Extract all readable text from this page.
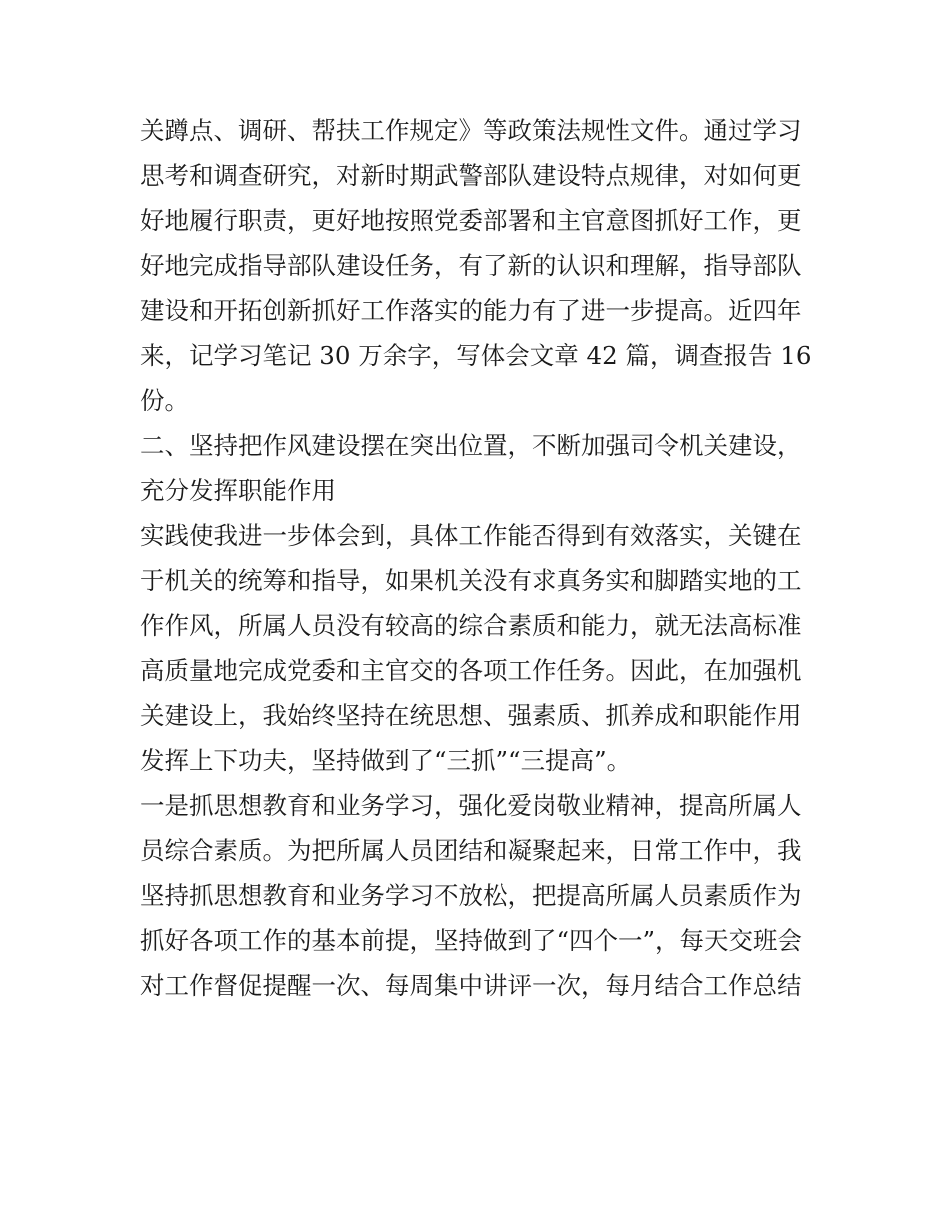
关蹲点、调研、帮扶工作规定》等政策法规性文件。通过学习
思考和调查研究，对新时期武警部队建设特点规律，对如何更
好地履行职责，更好地按照党委部署和主官意图抓好工作，更
好地完成指导部队建设任务，有了新的认识和理解，指导部队
建设和开拓创新抓好工作落实的能力有了进一步提高。近四年
来，记学习笔记 30 万余字，写体会文章 42 篇，调查报告 16
份。
二、坚持把作风建设摆在突出位置，不断加强司令机关建设，
充分发挥职能作用
实践使我进一步体会到，具体工作能否得到有效落实，关键在
于机关的统筹和指导，如果机关没有求真务实和脚踏实地的工
作作风，所属人员没有较高的综合素质和能力，就无法高标准
高质量地完成党委和主官交的各项工作任务。因此，在加强机
关建设上，我始终坚持在统思想、强素质、抓养成和职能作用
发挥上下功夫，坚持做到了“三抓”“三提高”。
一是抓思想教育和业务学习，强化爱岗敬业精神，提高所属人
员综合素质。为把所属人员团结和凝聚起来，日常工作中，我
坚持抓思想教育和业务学习不放松，把提高所属人员素质作为
抓好各项工作的基本前提，坚持做到了“四个一”，每天交班会
对工作督促提醒一次、每周集中讲评一次，每月结合工作总结
